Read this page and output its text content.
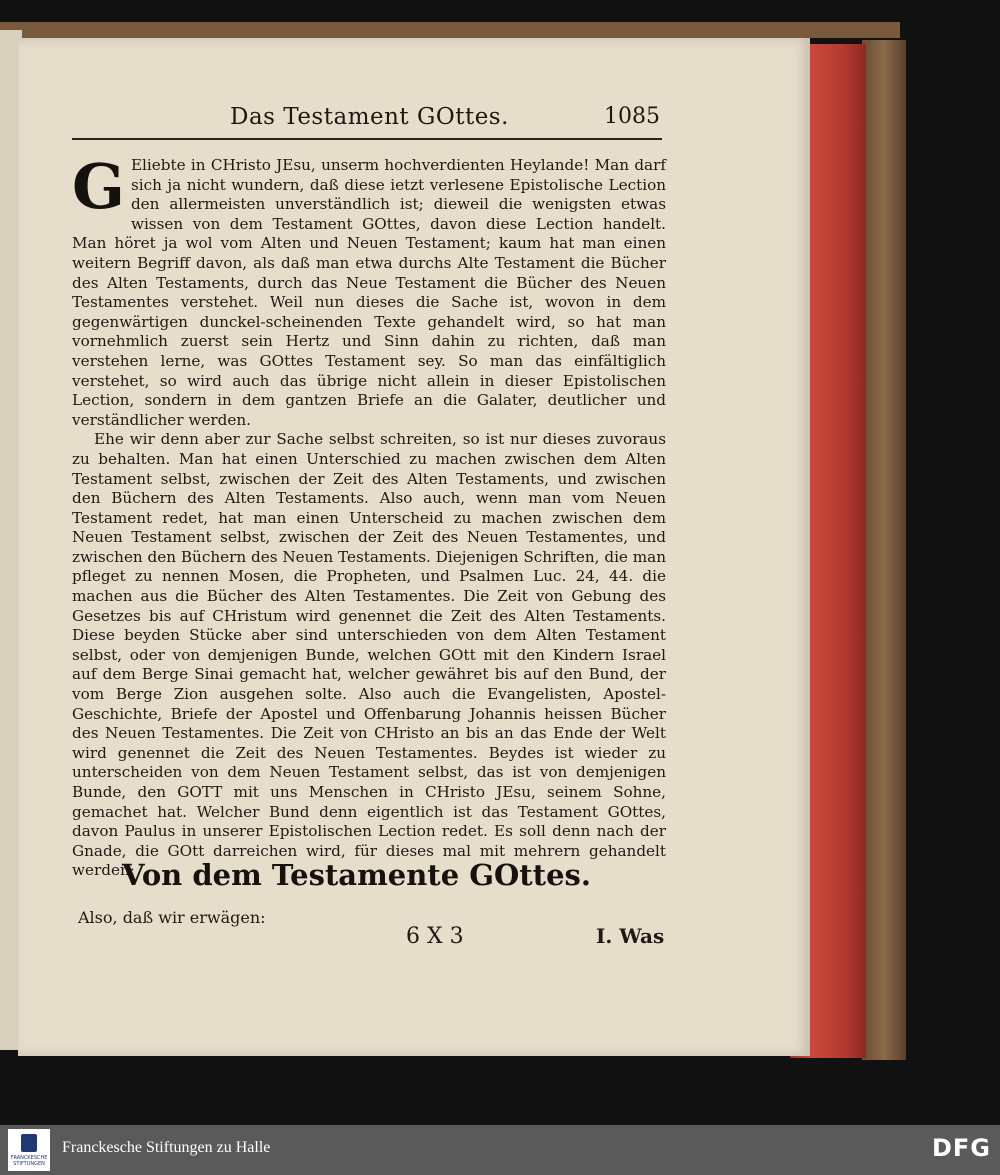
Das Testament GOttes.	1085

G Eliebte in CHristo JEsu, unserm hochverdienten Heylande! Man darf sich ja nicht wundern, daß diese ietzt verlesene Epistolische Lection den allermeisten unverständlich ist; dieweil die wenigsten etwas wissen von dem Testament GOttes, davon diese Lection handelt. Man höret ja wol vom Alten und Neuen Testament; kaum hat man einen weitern Begriff davon, als daß man etwa durchs Alte Testament die Bücher des Alten Testaments, durch das Neue Testament die Bücher des Neuen Testamentes verstehet. Weil nun dieses die Sache ist, wovon in dem gegenwärtigen dunckel-scheinenden Texte gehandelt wird, so hat man vornehmlich zuerst sein Hertz und Sinn dahin zu richten, daß man verstehen lerne, was GOttes Testament sey. So man das einfältiglich verstehet, so wird auch das übrige nicht allein in dieser Epistolischen Lection, sondern in dem gantzen Briefe an die Galater, deutlicher und verständlicher werden.

Ehe wir denn aber zur Sache selbst schreiten, so ist nur dieses zuvoraus zu behalten. Man hat einen Unterschied zu machen zwischen dem Alten Testament selbst, zwischen der Zeit des Alten Testaments, und zwischen den Büchern des Alten Testaments. Also auch, wenn man vom Neuen Testament redet, hat man einen Unterscheid zu machen zwischen dem Neuen Testament selbst, zwischen der Zeit des Neuen Testamentes, und zwischen den Büchern des Neuen Testaments. Diejenigen Schriften, die man pfleget zu nennen Mosen, die Propheten, und Psalmen Luc. 24, 44. die machen aus die Bücher des Alten Testamentes. Die Zeit von Gebung des Gesetzes bis auf CHristum wird genennet die Zeit des Alten Testaments. Diese beyden Stücke aber sind unterschieden von dem Alten Testament selbst, oder von demjenigen Bunde, welchen GOtt mit den Kindern Israel auf dem Berge Sinai gemacht hat, welcher gewähret bis auf den Bund, der vom Berge Zion ausgehen solte. Also auch die Evangelisten, Apostel-Geschichte, Briefe der Apostel und Offenbarung Johannis heissen Bücher des Neuen Testamentes. Die Zeit von CHristo an bis an das Ende der Welt wird genennet die Zeit des Neuen Testamentes. Beydes ist wieder zu unterscheiden von dem Neuen Testament selbst, das ist von demjenigen Bunde, den GOTT mit uns Menschen in CHristo JEsu, seinem Sohne, gemachet hat. Welcher Bund denn eigentlich ist das Testament GOttes, davon Paulus in unserer Epistolischen Lection redet. Es soll denn nach der Gnade, die GOtt darreichen wird, für dieses mal mit mehrern gehandelt werden:

Von dem Testamente GOttes.
Also, daß wir erwägen:
6 X 3	I. Was
FRANCKESCHE STIFTUNGEN
Franckesche Stiftungen zu Halle	DFG
